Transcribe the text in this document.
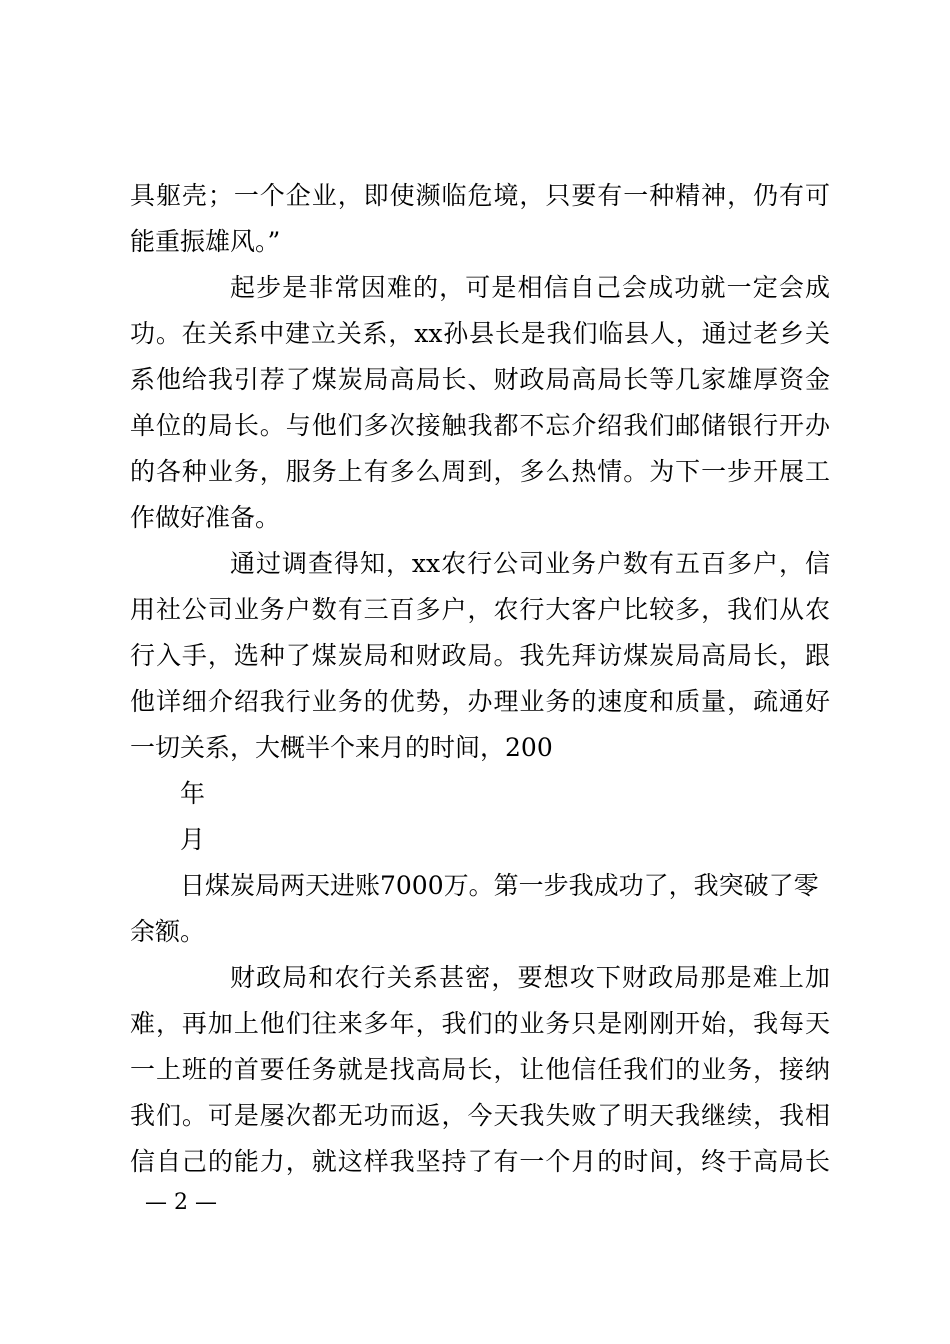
具躯壳；一个企业，即使濒临危境，只要有一种精神，仍有可
能重振雄风。”
起步是非常因难的，可是相信自己会成功就一定会成
功。在关系中建立关系，xx孙县长是我们临县人，通过老乡关
系他给我引荐了煤炭局高局长、财政局高局长等几家雄厚资金
单位的局长。与他们多次接触我都不忘介绍我们邮储银行开办
的各种业务，服务上有多么周到，多么热情。为下一步开展工
作做好准备。
通过调查得知，xx农行公司业务户数有五百多户，信
用社公司业务户数有三百多户，农行大客户比较多，我们从农
行入手，选种了煤炭局和财政局。我先拜访煤炭局高局长，跟
他详细介绍我行业务的优势，办理业务的速度和质量，疏通好
一切关系，大概半个来月的时间，200
年
月
日煤炭局两天进账7000万。第一步我成功了，我突破了零
余额。
财政局和农行关系甚密，要想攻下财政局那是难上加
难，再加上他们往来多年，我们的业务只是刚刚开始，我每天
一上班的首要任务就是找高局长，让他信任我们的业务，接纳
我们。可是屡次都无功而返，今天我失败了明天我继续，我相
信自己的能力，就这样我坚持了有一个月的时间，终于高局长
— 2 —
